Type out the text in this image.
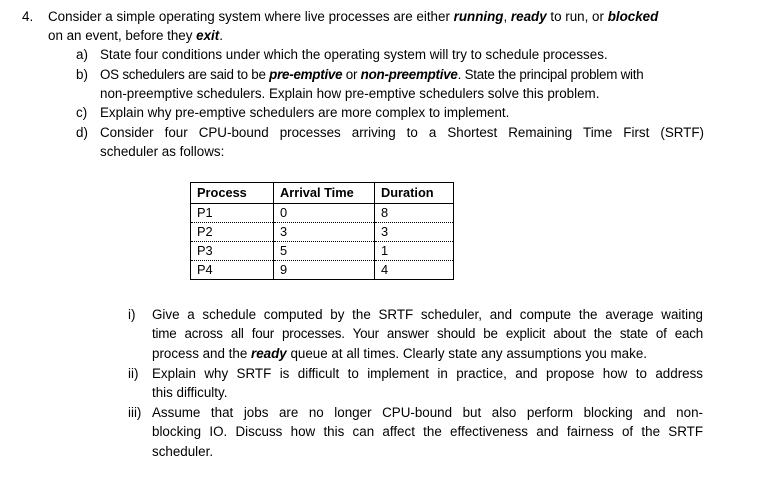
4. Consider a simple operating system where live processes are either running, ready to run, or blocked
on an event, before they exit.
a) State four conditions under which the operating system will try to schedule processes.
b) OS schedulers are said to be pre-emptive or non-preemptive. State the principal problem with
non-preemptive schedulers. Explain how pre-emptive schedulers solve this problem.
c) Explain why pre-emptive schedulers are more complex to implement.
d) Consider four CPU-bound processes arriving to a Shortest Remaining Time First (SRTF)
scheduler as follows:
Process	Arrival Time	Duration
P1	0	8
P2	3	3
P3	5	1
P4	9	4
i) Give a schedule computed by the SRTF scheduler, and compute the average waiting
time across all four processes. Your answer should be explicit about the state of each
process and the ready queue at all times. Clearly state any assumptions you make.
ii) Explain why SRTF is difficult to implement in practice, and propose how to address
this difficulty.
iii) Assume that jobs are no longer CPU-bound but also perform blocking and non-
blocking IO. Discuss how this can affect the effectiveness and fairness of the SRTF
scheduler.
